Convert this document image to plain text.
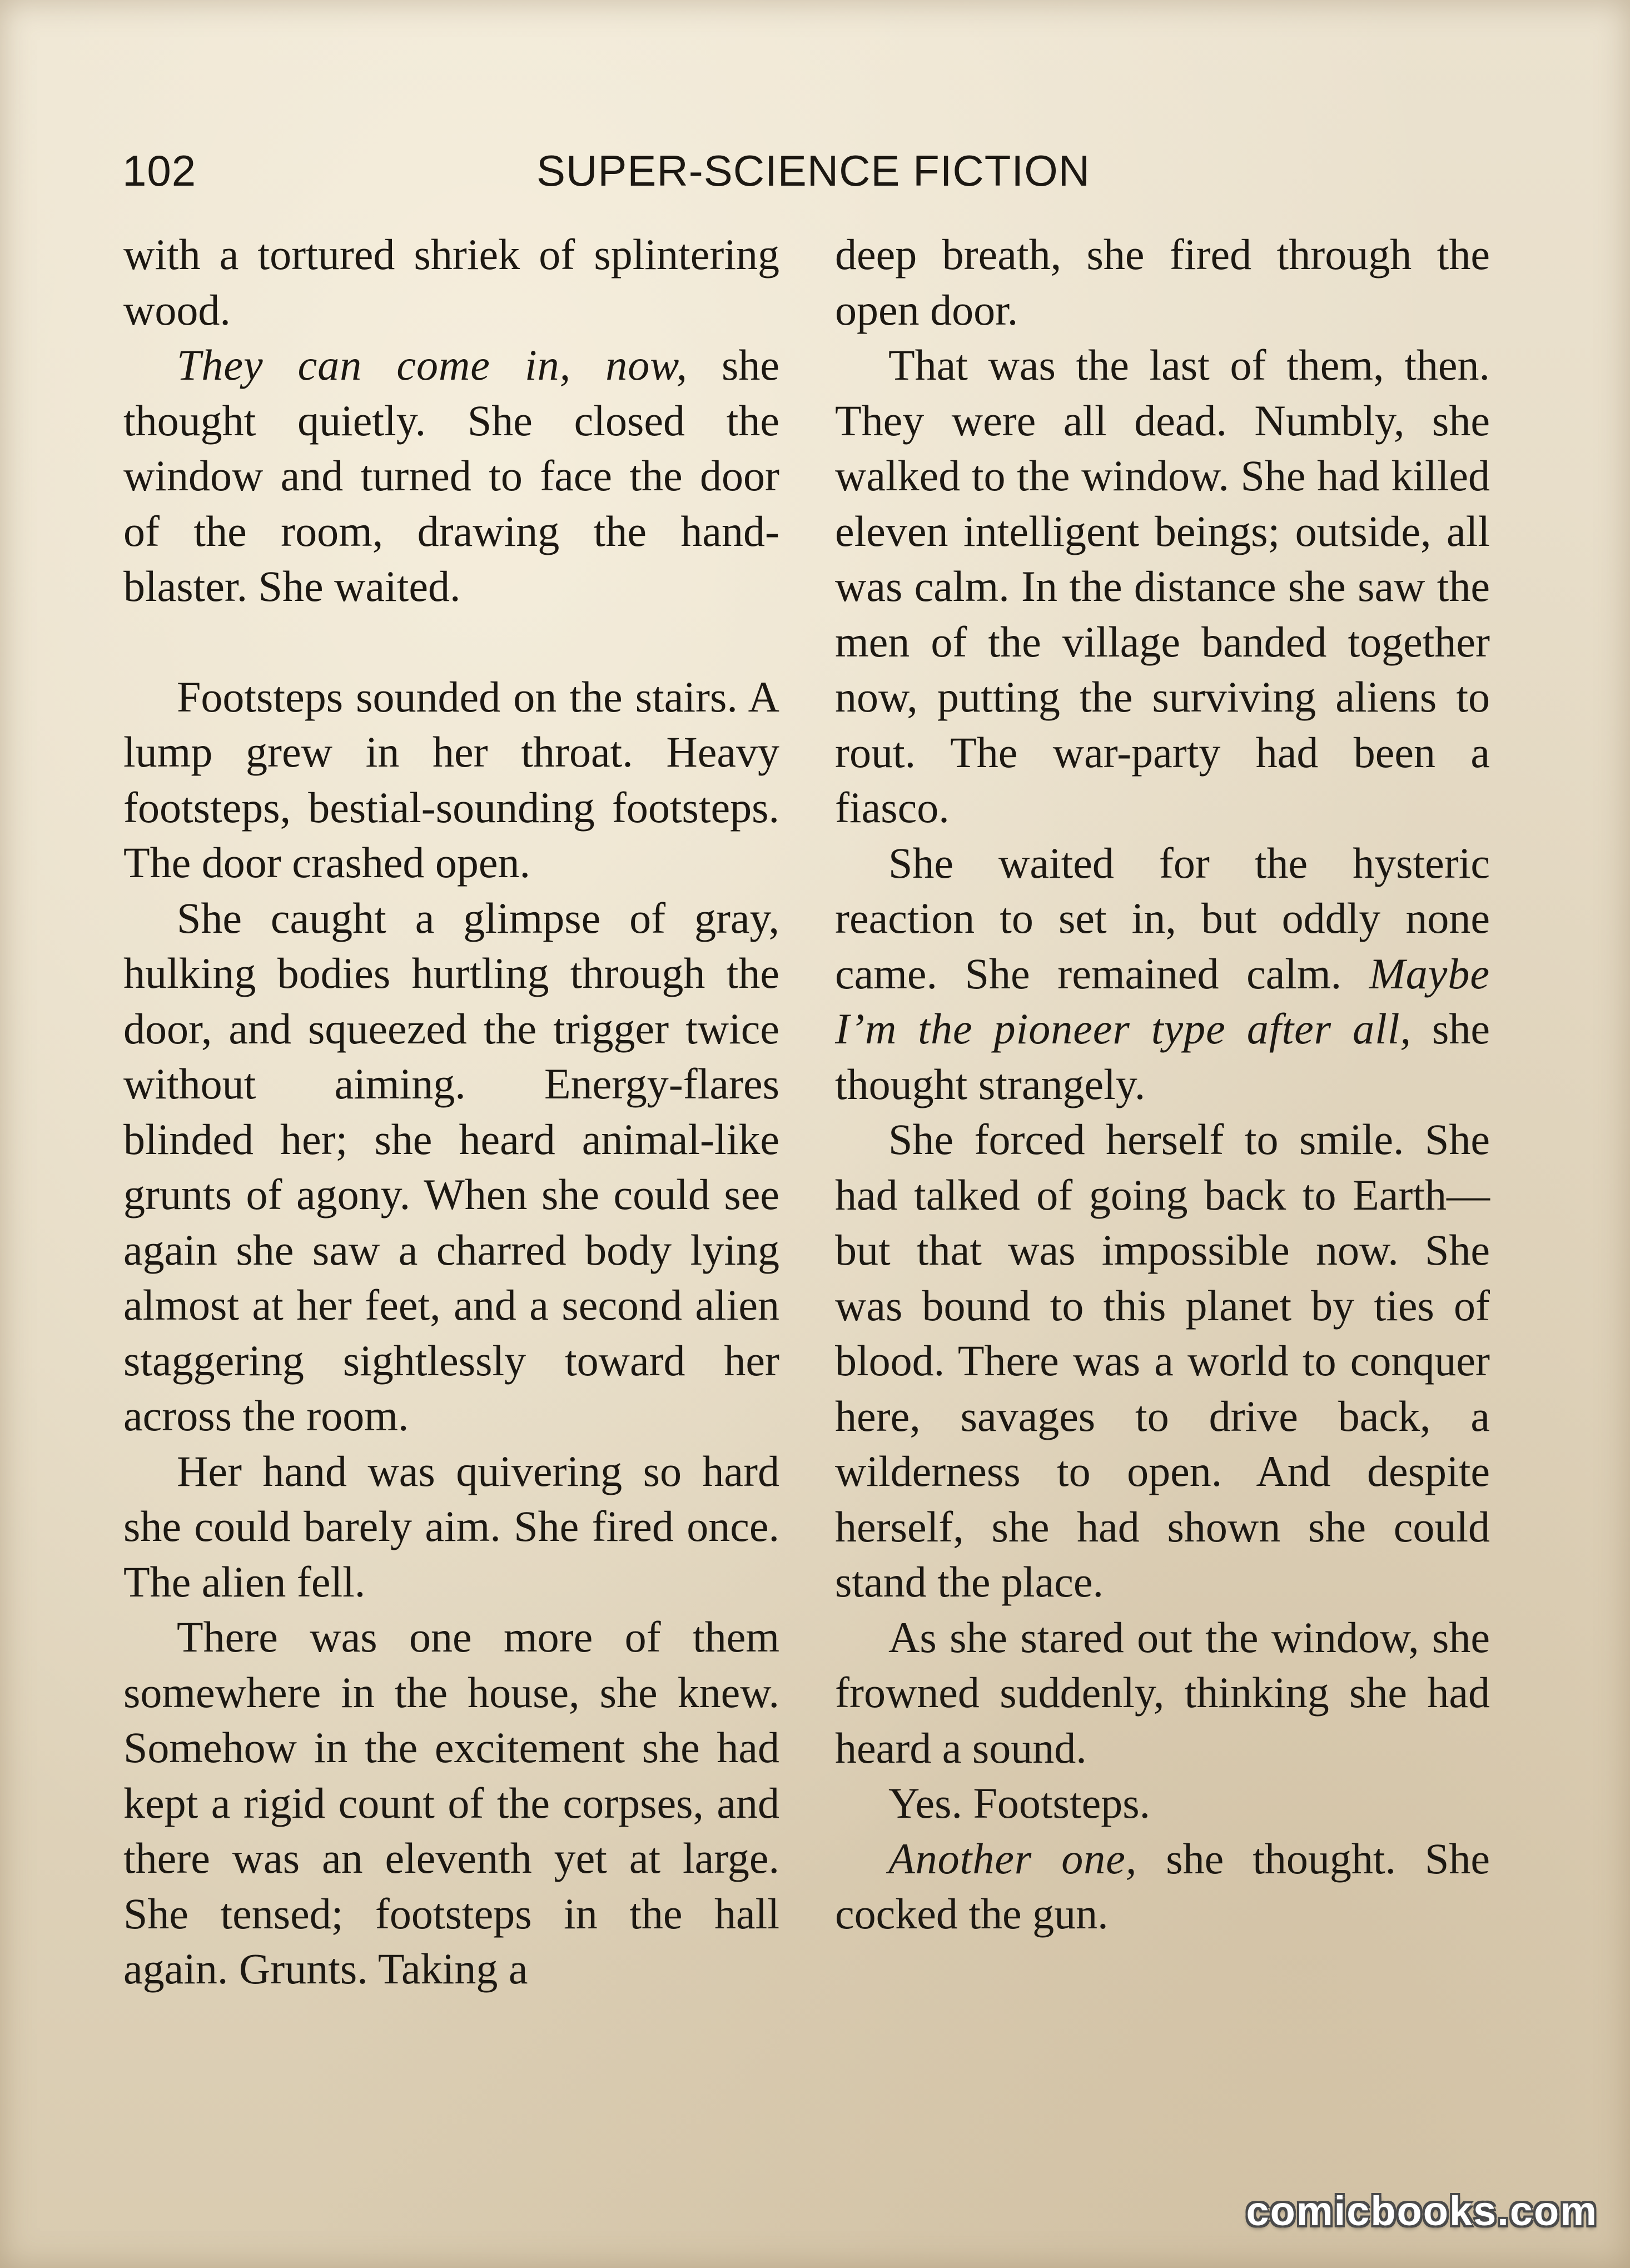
102	SUPER-SCIENCE FICTION

with a tortured shriek of splintering wood.

They can come in, now, she thought quietly. She closed the window and turned to face the door of the room, drawing the hand-blaster. She waited.

Footsteps sounded on the stairs. A lump grew in her throat. Heavy footsteps, bestial-sounding footsteps. The door crashed open.

She caught a glimpse of gray, hulking bodies hurtling through the door, and squeezed the trigger twice without aiming. Energy-flares blinded her; she heard animal-like grunts of agony. When she could see again she saw a charred body lying almost at her feet, and a second alien staggering sightlessly toward her across the room.

Her hand was quivering so hard she could barely aim. She fired once. The alien fell.

There was one more of them somewhere in the house, she knew. Somehow in the excitement she had kept a rigid count of the corpses, and there was an eleventh yet at large. She tensed; footsteps in the hall again. Grunts. Taking a

deep breath, she fired through the open door.

That was the last of them, then. They were all dead. Numbly, she walked to the window. She had killed eleven intelligent beings; outside, all was calm. In the distance she saw the men of the village banded together now, putting the surviving aliens to rout. The war-party had been a fiasco.

She waited for the hysteric reaction to set in, but oddly none came. She remained calm. Maybe I’m the pioneer type after all, she thought strangely.

She forced herself to smile. She had talked of going back to Earth—but that was impossible now. She was bound to this planet by ties of blood. There was a world to conquer here, savages to drive back, a wilderness to open. And despite herself, she had shown she could stand the place.

As she stared out the window, she frowned suddenly, thinking she had heard a sound.

Yes. Footsteps.

Another one, she thought. She cocked the gun.

comicbooks.com
